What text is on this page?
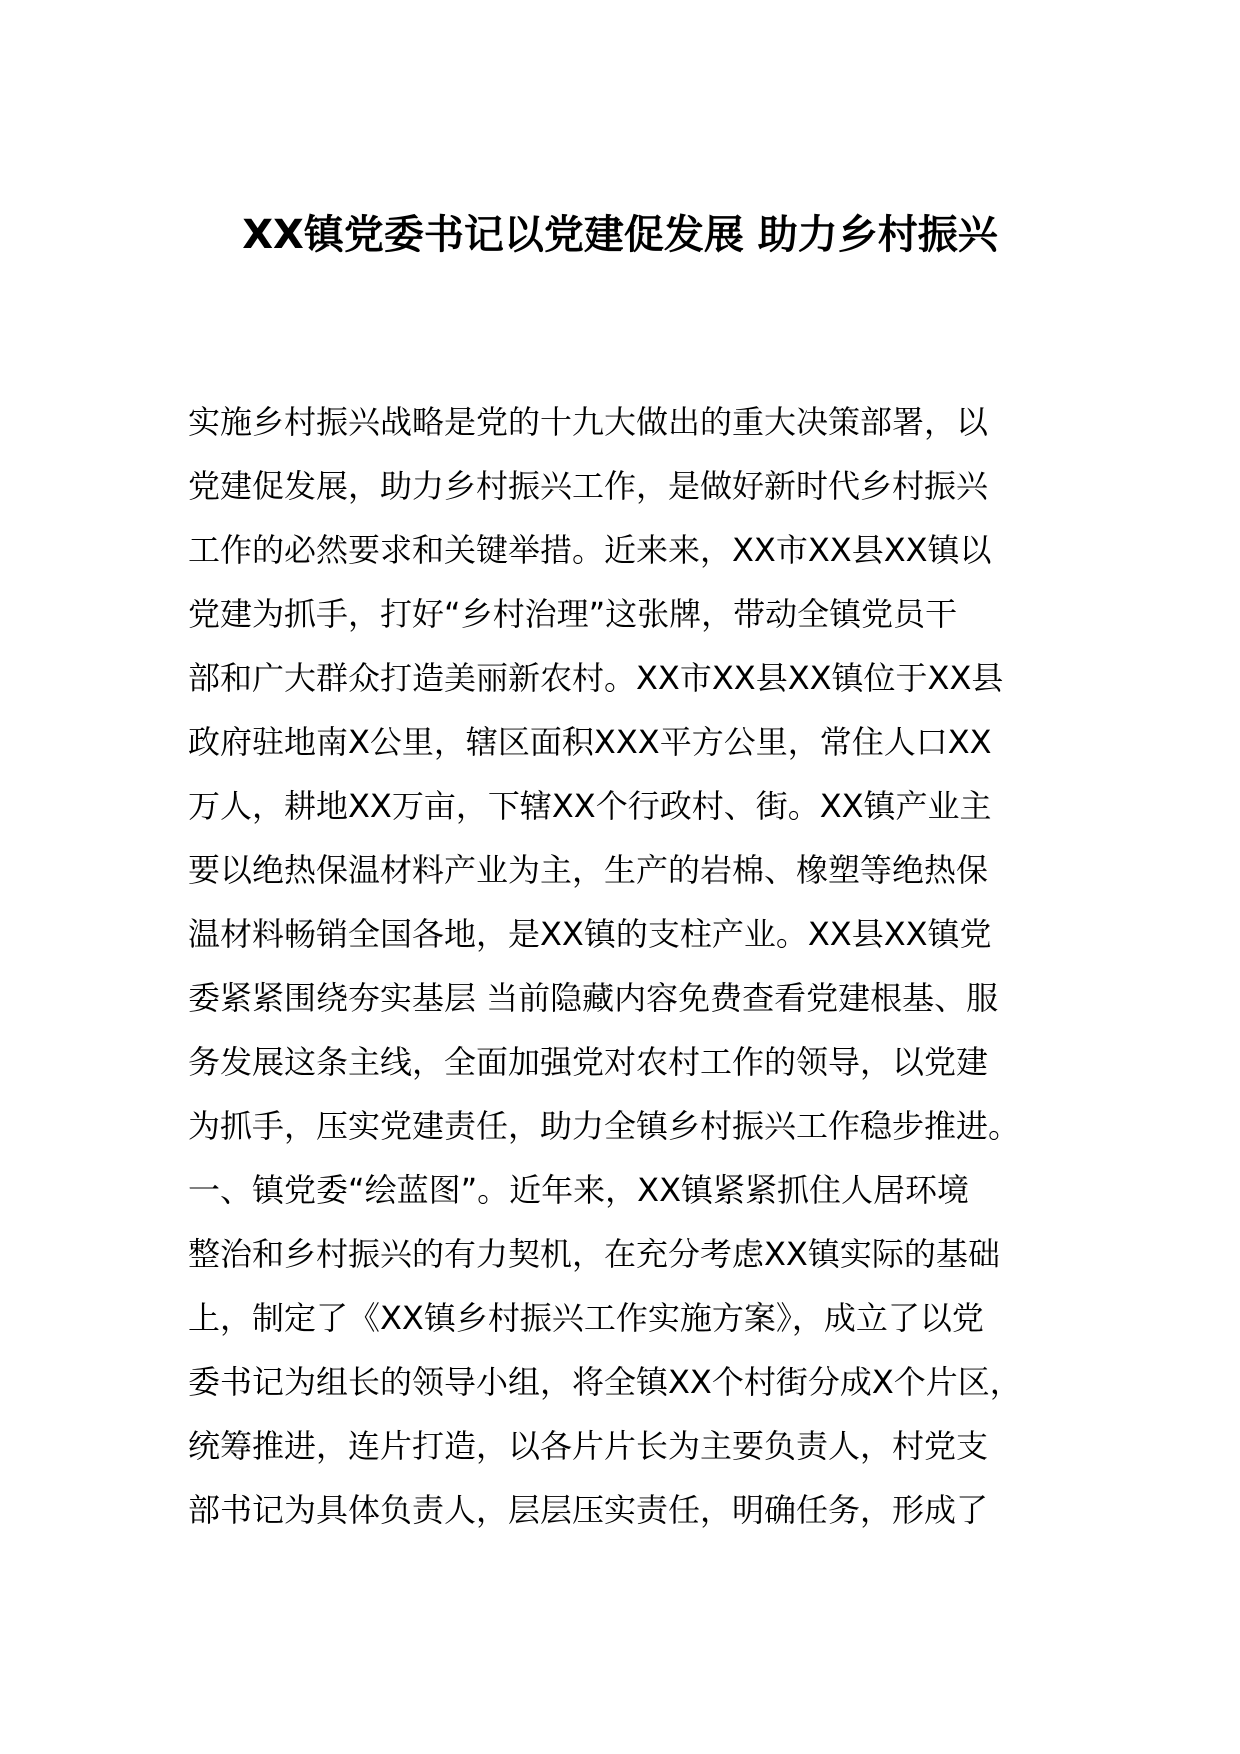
XX镇党委书记以党建促发展 助力乡村振兴
实施乡村振兴战略是党的十九大做出的重大决策部署，以
党建促发展，助力乡村振兴工作，是做好新时代乡村振兴
工作的必然要求和关键举措。近来来，XX市XX县XX镇以
党建为抓手，打好“乡村治理”这张牌，带动全镇党员干
部和广大群众打造美丽新农村。XX市XX县XX镇位于XX县
政府驻地南X公里，辖区面积XXX平方公里，常住人口XX
万人，耕地XX万亩，下辖XX个行政村、街。XX镇产业主
要以绝热保温材料产业为主，生产的岩棉、橡塑等绝热保
温材料畅销全国各地，是XX镇的支柱产业。XX县XX镇党
委紧紧围绕夯实基层 当前隐藏内容免费查看党建根基、服
务发展这条主线，全面加强党对农村工作的领导，以党建
为抓手，压实党建责任，助力全镇乡村振兴工作稳步推进。
一、镇党委“绘蓝图”。近年来，XX镇紧紧抓住人居环境
整治和乡村振兴的有力契机，在充分考虑XX镇实际的基础
上，制定了《XX镇乡村振兴工作实施方案》，成立了以党
委书记为组长的领导小组，将全镇XX个村街分成X个片区，
统筹推进，连片打造，以各片片长为主要负责人，村党支
部书记为具体负责人，层层压实责任，明确任务，形成了
